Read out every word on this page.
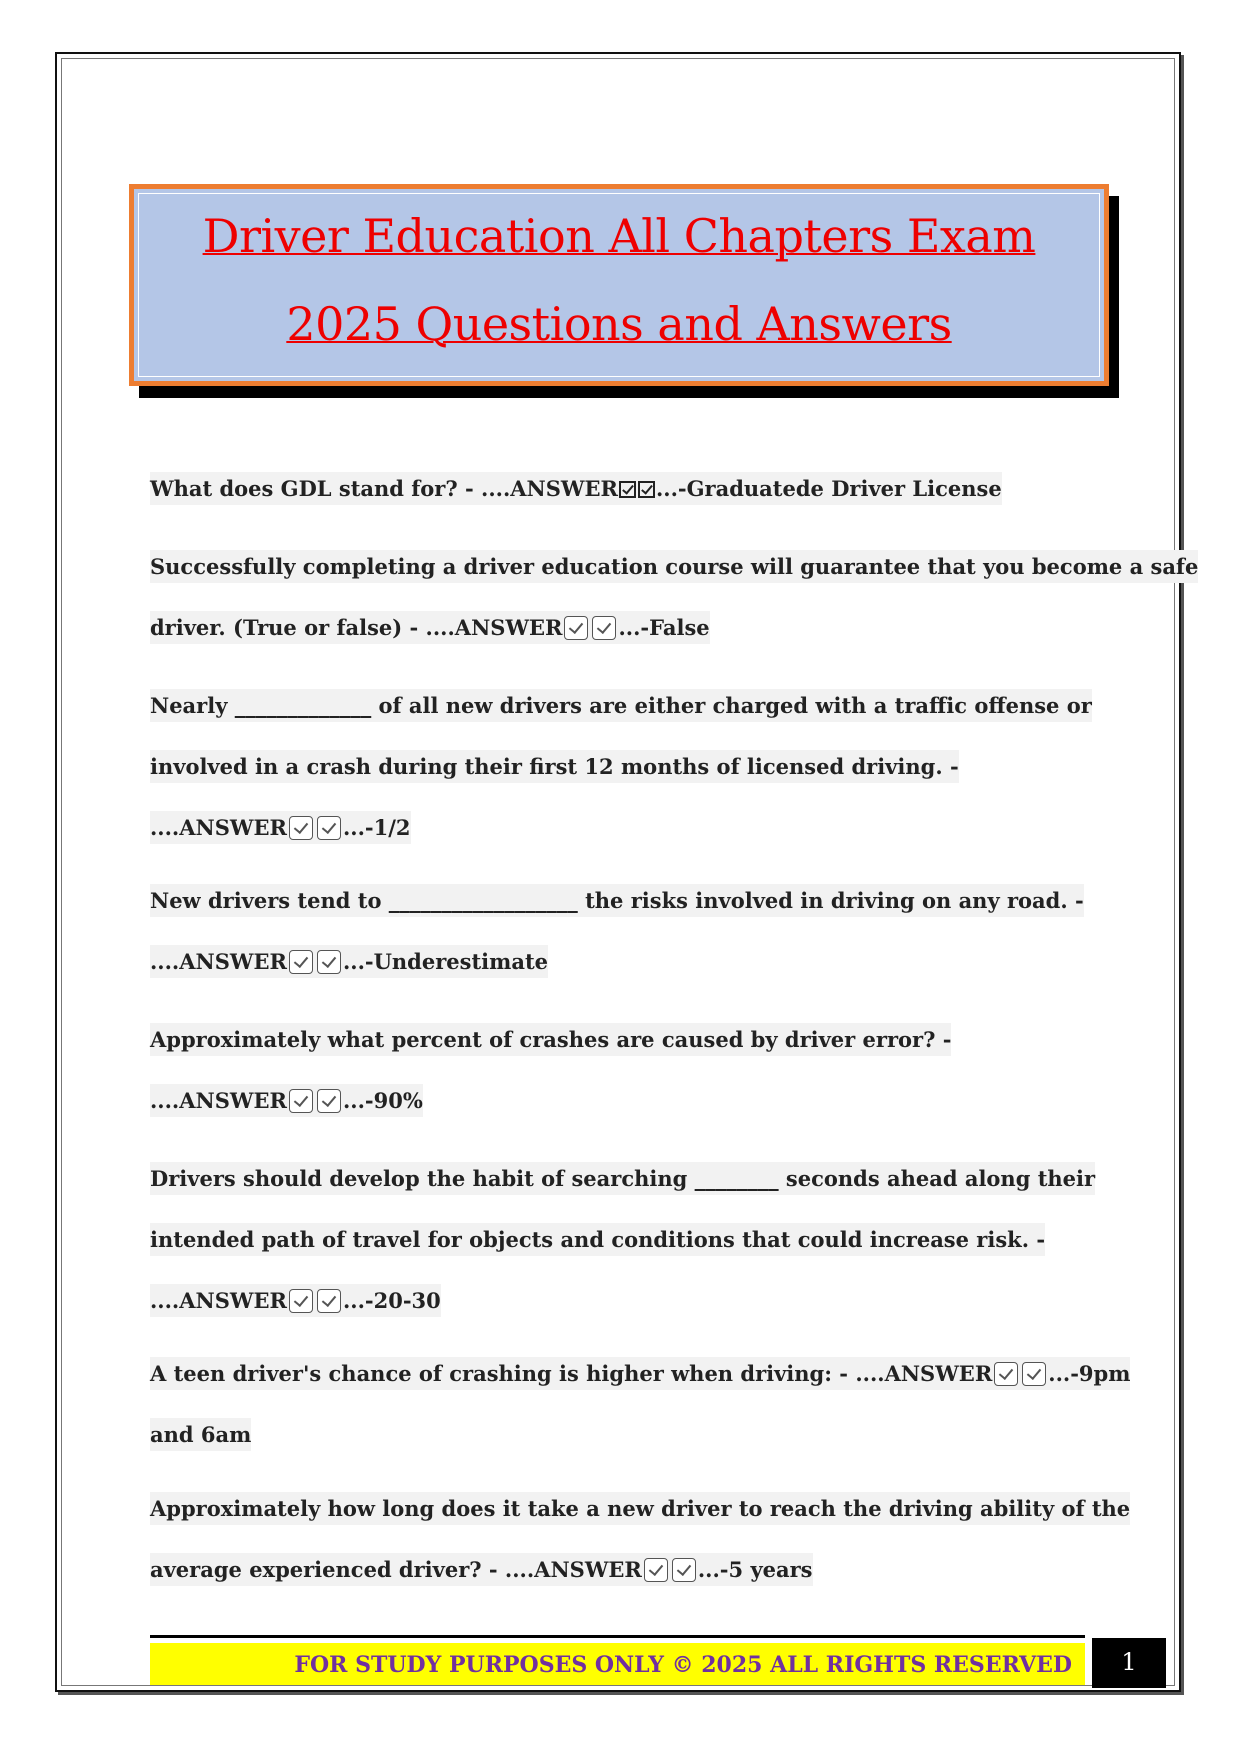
Driver Education All Chapters Exam
2025 Questions and Answers
What does GDL stand for? - ....ANSWER ...-Graduatede Driver License
Successfully completing a driver education course will guarantee that you become a safe
driver. (True or false) - ....ANSWER	...-False
Nearly _____________ of all new drivers are either charged with a traffic offense or
involved in a crash during their first 12 months of licensed driving. -
....ANSWER	...-1/2
New drivers tend to __________________ the risks involved in driving on any road. -
....ANSWER	...-Underestimate
Approximately what percent of crashes are caused by driver error? -
....ANSWER	...-90%
Drivers should develop the habit of searching ________ seconds ahead along their
intended path of travel for objects and conditions that could increase risk. -
....ANSWER	...-20-30
A teen driver's chance of crashing is higher when driving: - ....ANSWER	...-9pm
and 6am
Approximately how long does it take a new driver to reach the driving ability of the
average experienced driver? - ....ANSWER	...-5 years
FOR STUDY PURPOSES ONLY © 2025 ALL RIGHTS RESERVED	1
